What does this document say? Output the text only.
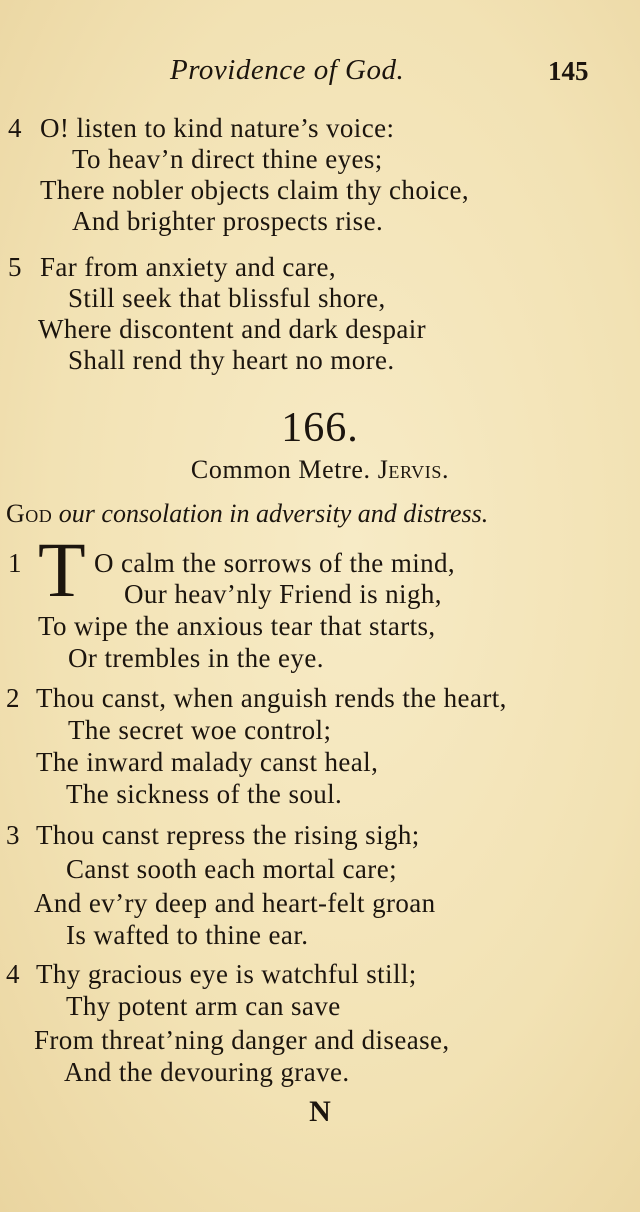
Providence of God.	145
4 O! listen to kind nature’s voice:
To heav’n direct thine eyes;
There nobler objects claim thy choice,
And brighter prospects rise.
5 Far from anxiety and care,
Still seek that blissful shore,
Where discontent and dark despair
Shall rend thy heart no more.
166.
Common Metre. Jervis.
God our consolation in adversity and distress.
1	O calm the sorrows of the mind,
Our heav’nly Friend is nigh,
To wipe the anxious tear that starts,
Or trembles in the eye.
T
2 Thou canst, when anguish rends the heart,
The secret woe control;
The inward malady canst heal,
The sickness of the soul.
3 Thou canst repress the rising sigh;
Canst sooth each mortal care;
And ev’ry deep and heart-felt groan
Is wafted to thine ear.
4 Thy gracious eye is watchful still;
Thy potent arm can save
From threat’ning danger and disease,
And the devouring grave.
N
